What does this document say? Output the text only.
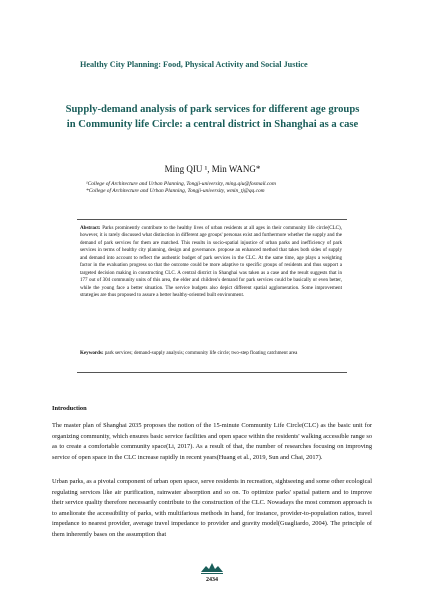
Healthy City Planning: Food, Physical Activity and Social Justice
Supply-demand analysis of park services for different age groups in Community life Circle: a central district in Shanghai as a case
Ming QIU ¹, Min WANG*
¹College of Architecture and Urban Planning, Tongji-university, ming.qiu@foxmail.com
*College of Architecture and Urban Planning, Tongji-university, wmin_tj@qq.com
Abstract: Parks prominently contribute to the healthy lives of urban residents at all ages in their community life circle(CLC), however, it is rarely discussed what distinction in different age groups' personas exist and furthermore whether the supply and the demand of park services for them are matched. This results in socio-spatial injustice of urban parks and inefficiency of park services in terms of healthy city planning, design and governance. propose an enhanced method that takes both sides of supply and demand into account to reflect the authentic budget of park services in the CLC. At the same time, age plays a weighting factor in the evaluation progress so that the outcome could be more adaptive to specific groups of residents and thus support a targeted decision making in constructing CLC. A central district in Shanghai was taken as a case and the result suggests that in 177 out of 304 community units of this area, the elder and children's demand for park services could be basically or even better, while the young face a better situation. The service budgets also depict different spatial agglomeration. Some improvement strategies are thus proposed to assure a better healthy-oriented built environment.
Keywords: park services; demand-supply analysis; community life circle; two-step floating catchment area
Introduction
The master plan of Shanghai 2035 proposes the notion of the 15-minute Community Life Circle(CLC) as the basic unit for organizing community, which ensures basic service facilities and open space within the residents' walking accessible range so as to create a comfortable community space(Li, 2017). As a result of that, the number of researches focusing on improving service of open space in the CLC increase rapidly in recent years(Huang et al., 2019, Sun and Chai, 2017).
Urban parks, as a pivotal component of urban open space, serve residents in recreation, sightseeing and some other ecological regulating services like air purification, rainwater absorption and so on. To optimize parks' spatial pattern and to improve their service quality therefore necessarily contribute to the construction of the CLC. Nowadays the most common approach is to ameliorate the accessibility of parks, with multifarious methods in hand, for instance, provider-to-population ratios, travel impedance to nearest provider, average travel impedance to provider and gravity model(Guagliardo, 2004). The principle of them inherently bases on the assumption that
2434
